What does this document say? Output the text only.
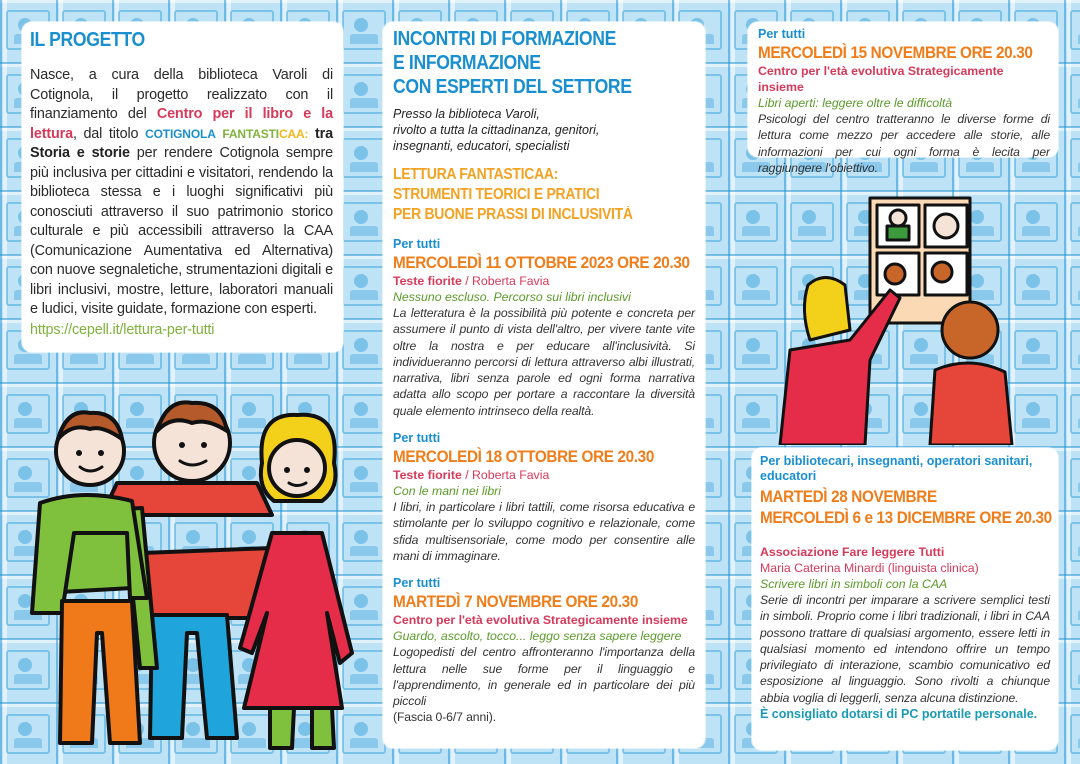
IL PROGETTO

Nasce, a cura della biblioteca Varoli di Cotignola, il progetto realizzato con il finanziamento del Centro per il libro e la lettura, dal titolo COTIGNOLA FANTASTICAA: tra Storia e storie per rendere Cotignola sempre più inclusiva per cittadini e visitatori, rendendo la biblioteca stessa e i luoghi significativi più conosciuti attraverso il suo patrimonio storico culturale e più accessibili attraverso la CAA (Comunicazione Aumentativa ed Alternativa) con nuove segnaletiche, strumentazioni digitali e libri inclusivi, mostre, letture, laboratori manuali e ludici, visite guidate, formazione con esperti.
https://cepell.it/lettura-per-tutti

INCONTRI DI FORMAZIONE
E INFORMAZIONE
CON ESPERTI DEL SETTORE
Presso la biblioteca Varoli,
rivolto a tutta la cittadinanza, genitori,
insegnanti, educatori, specialisti
LETTURA FANTASTICAA:
STRUMENTI TEORICI E PRATICI
PER BUONE PRASSI DI INCLUSIVITÀ
Per tutti
MERCOLEDÌ 11 OTTOBRE 2023 ORE 20.30
Teste fiorite / Roberta Favia
Nessuno escluso. Percorso sui libri inclusivi
La letteratura è la possibilità più potente e concreta per assumere il punto di vista dell'altro, per vivere tante vite oltre la nostra e per educare all'inclusività. Si individueranno percorsi di lettura attraverso albi illustrati, narrativa, libri senza parole ed ogni forma narrativa adatta allo scopo per portare a raccontare la diversità quale elemento intrinseco della realtà.
Per tutti
MERCOLEDÌ 18 OTTOBRE ORE 20.30
Teste fiorite / Roberta Favia
Con le mani nei libri
I libri, in particolare i libri tattili, come risorsa educativa e stimolante per lo sviluppo cognitivo e relazionale, come sfida multisensoriale, come modo per consentire alle mani di immaginare.
Per tutti
MARTEDÌ 7 NOVEMBRE ORE 20.30
Centro per l'età evolutiva Strategicamente insieme
Guardo, ascolto, tocco... leggo senza sapere leggere
Logopedisti del centro affronteranno l'importanza della lettura nelle sue forme per il linguaggio e l'apprendimento, in generale ed in particolare dei più piccoli
(Fascia 0-6/7 anni).
Per tutti
MERCOLEDÌ 15 NOVEMBRE ORE 20.30
Centro per l'età evolutiva Strategicamente insieme
Libri aperti: leggere oltre le difficoltà
Psicologi del centro tratteranno le diverse forme di lettura come mezzo per accedere alle storie, alle informazioni per cui ogni forma è lecita per raggiungere l'obiettivo.
Per bibliotecari, insegnanti, operatori sanitari, educatori
MARTEDÌ 28 NOVEMBRE
MERCOLEDÌ 6 e 13 DICEMBRE ORE 20.30
Associazione Fare leggere Tutti
Maria Caterina Minardi (linguista clinica)
Scrivere libri in simboli con la CAA
Serie di incontri per imparare a scrivere semplici testi in simboli. Proprio come i libri tradizionali, i libri in CAA possono trattare di qualsiasi argomento, essere letti in qualsiasi momento ed intendono offrire un tempo privilegiato di interazione, scambio comunicativo ed esposizione al linguaggio. Sono rivolti a chiunque abbia voglia di leggerli, senza alcuna distinzione.
È consigliato dotarsi di PC portatile personale.
